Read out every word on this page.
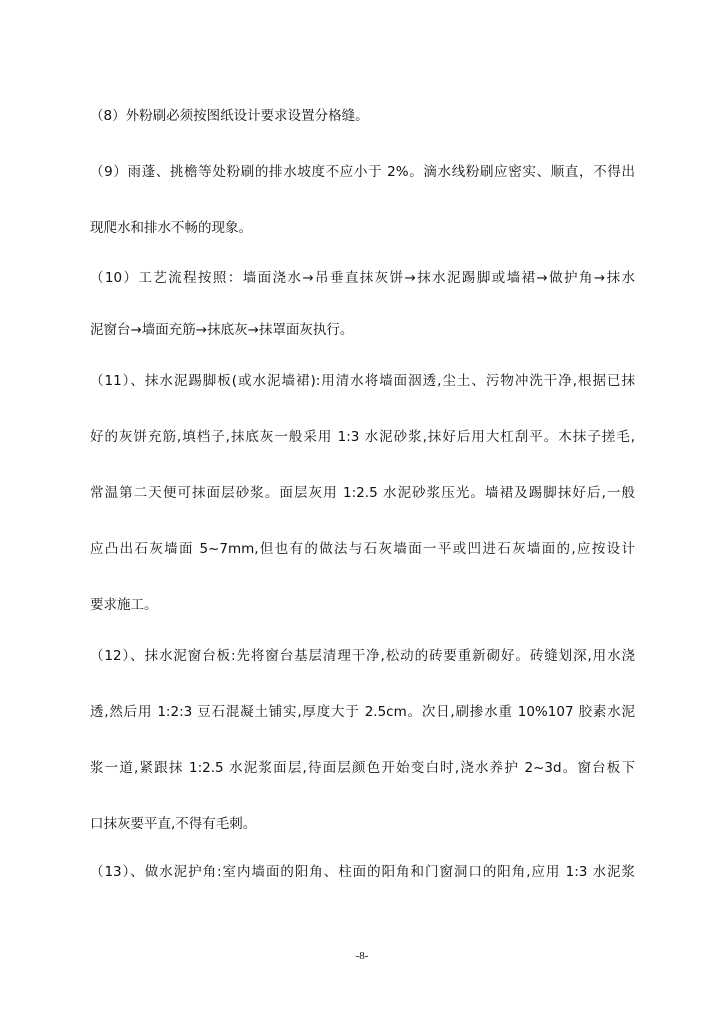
（8）外粉刷必须按图纸设计要求设置分格缝。
（9）雨蓬、挑檐等处粉刷的排水坡度不应小于 2%。滴水线粉刷应密实、顺直，不得出
现爬水和排水不畅的现象。
（10）工艺流程按照：墙面浇水→吊垂直抹灰饼→抹水泥踢脚或墙裙→做护角→抹水
泥窗台→墙面充筋→抹底灰→抹罩面灰执行。
（11）、抹水泥踢脚板(或水泥墙裙):用清水将墙面洇透,尘土、污物冲洗干净,根据已抹
好的灰饼充筋,填档子,抹底灰一般采用 1:3 水泥砂浆,抹好后用大杠刮平。木抹子搓毛,
常温第二天便可抹面层砂浆。面层灰用 1:2.5 水泥砂浆压光。墙裙及踢脚抹好后,一般
应凸出石灰墙面 5~7mm,但也有的做法与石灰墙面一平或凹进石灰墙面的,应按设计
要求施工。
（12）、抹水泥窗台板:先将窗台基层清理干净,松动的砖要重新砌好。砖缝划深,用水浇
透,然后用 1:2:3 豆石混凝土铺实,厚度大于 2.5cm。次日,刷掺水重 10%107 胶素水泥
浆一道,紧跟抹 1:2.5 水泥浆面层,待面层颜色开始变白时,浇水养护 2~3d。窗台板下
口抹灰要平直,不得有毛刺。
（13）、做水泥护角:室内墙面的阳角、柱面的阳角和门窗洞口的阳角,应用 1:3 水泥浆
-8-
